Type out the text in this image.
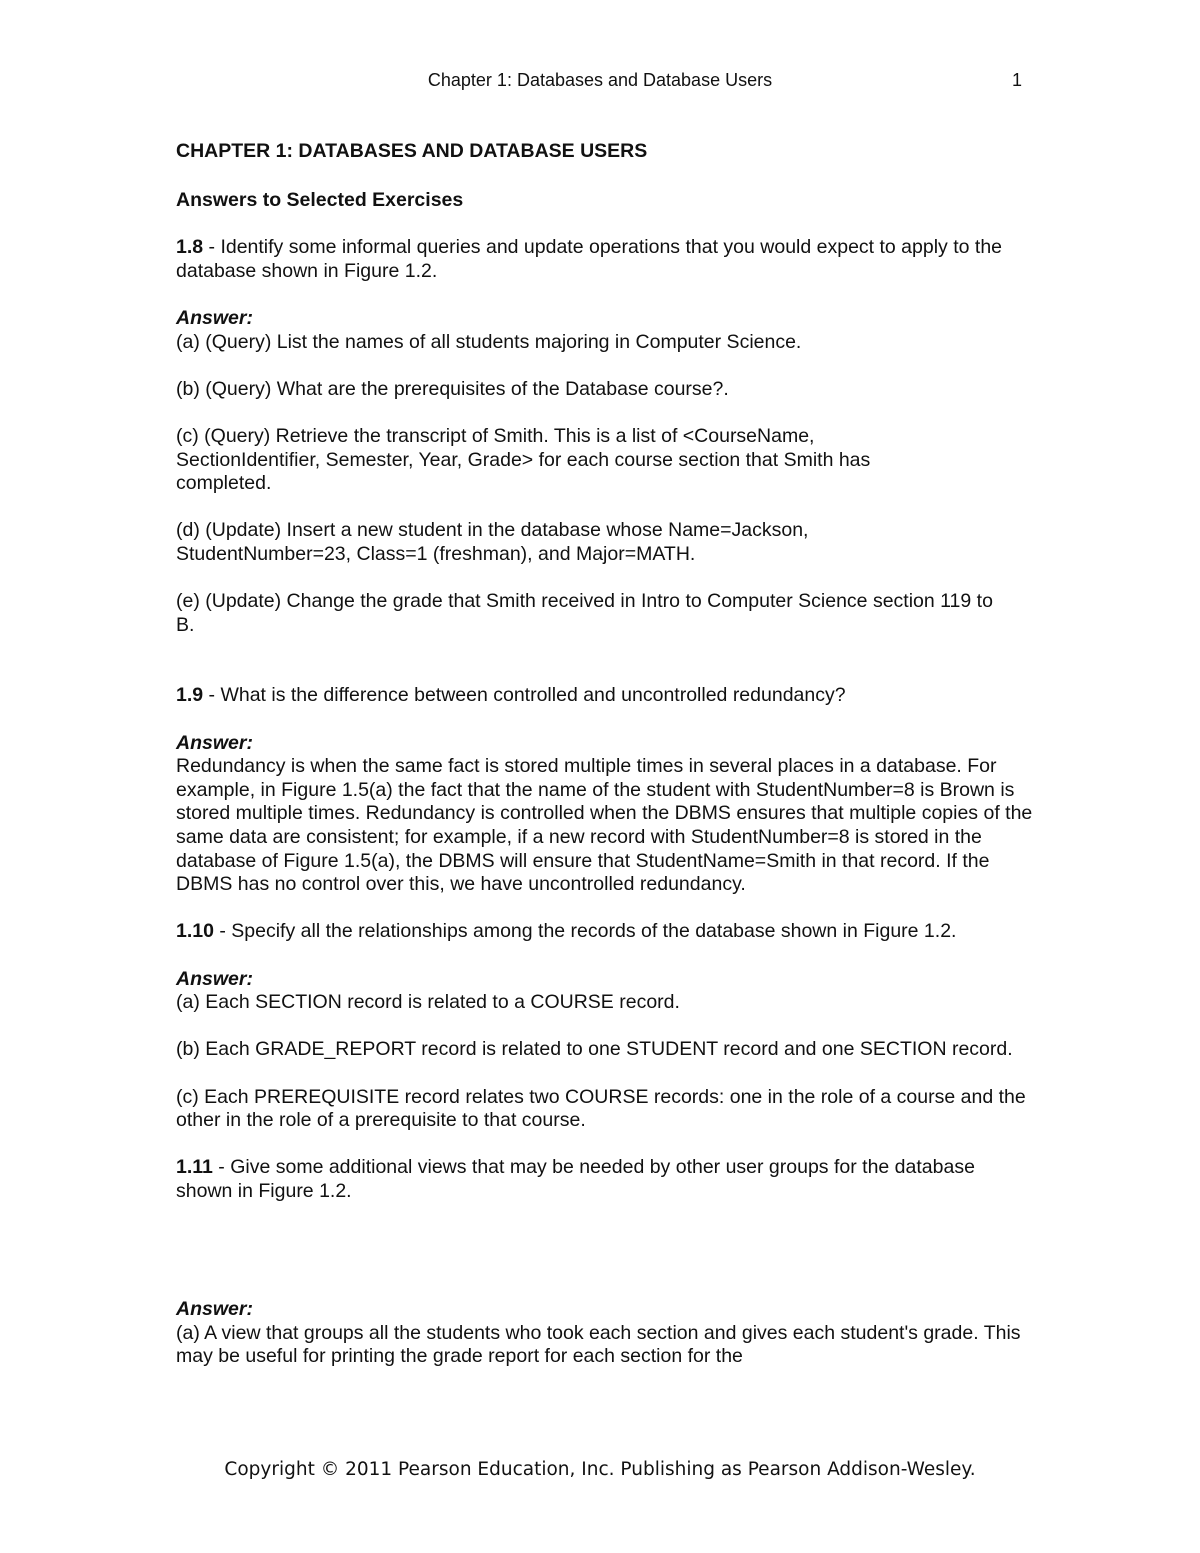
Chapter 1: Databases and Database Users	1
CHAPTER 1: DATABASES AND DATABASE USERS
Answers to Selected Exercises

1.8 - Identify some informal queries and update operations that you would expect to apply to the database shown in Figure 1.2.

Answer:

(a) (Query) List the names of all students majoring in Computer Science.

(b) (Query) What are the prerequisites of the Database course?.

(c) (Query) Retrieve the transcript of Smith. This is a list of <CourseName, SectionIdentifier, Semester, Year, Grade> for each course section that Smith has completed.

(d) (Update) Insert a new student in the database whose Name=Jackson, StudentNumber=23, Class=1 (freshman), and Major=MATH.

(e) (Update) Change the grade that Smith received in Intro to Computer Science section 119 to B.

1.9 - What is the difference between controlled and uncontrolled redundancy?

Answer:

Redundancy is when the same fact is stored multiple times in several places in a database. For example, in Figure 1.5(a) the fact that the name of the student with StudentNumber=8 is Brown is stored multiple times. Redundancy is controlled when the DBMS ensures that multiple copies of the same data are consistent; for example, if a new record with StudentNumber=8 is stored in the database of Figure 1.5(a), the DBMS will ensure that StudentName=Smith in that record. If the DBMS has no control over this, we have uncontrolled redundancy.

1.10 - Specify all the relationships among the records of the database shown in Figure 1.2.

Answer:

(a) Each SECTION record is related to a COURSE record.

(b) Each GRADE_REPORT record is related to one STUDENT record and one SECTION record.

(c) Each PREREQUISITE record relates two COURSE records: one in the role of a course and the other in the role of a prerequisite to that course.

1.11 - Give some additional views that may be needed by other user groups for the database shown in Figure 1.2.

Answer:

(a) A view that groups all the students who took each section and gives each student's grade. This may be useful for printing the grade report for each section for the

Copyright © 2011 Pearson Education, Inc. Publishing as Pearson Addison-Wesley.
